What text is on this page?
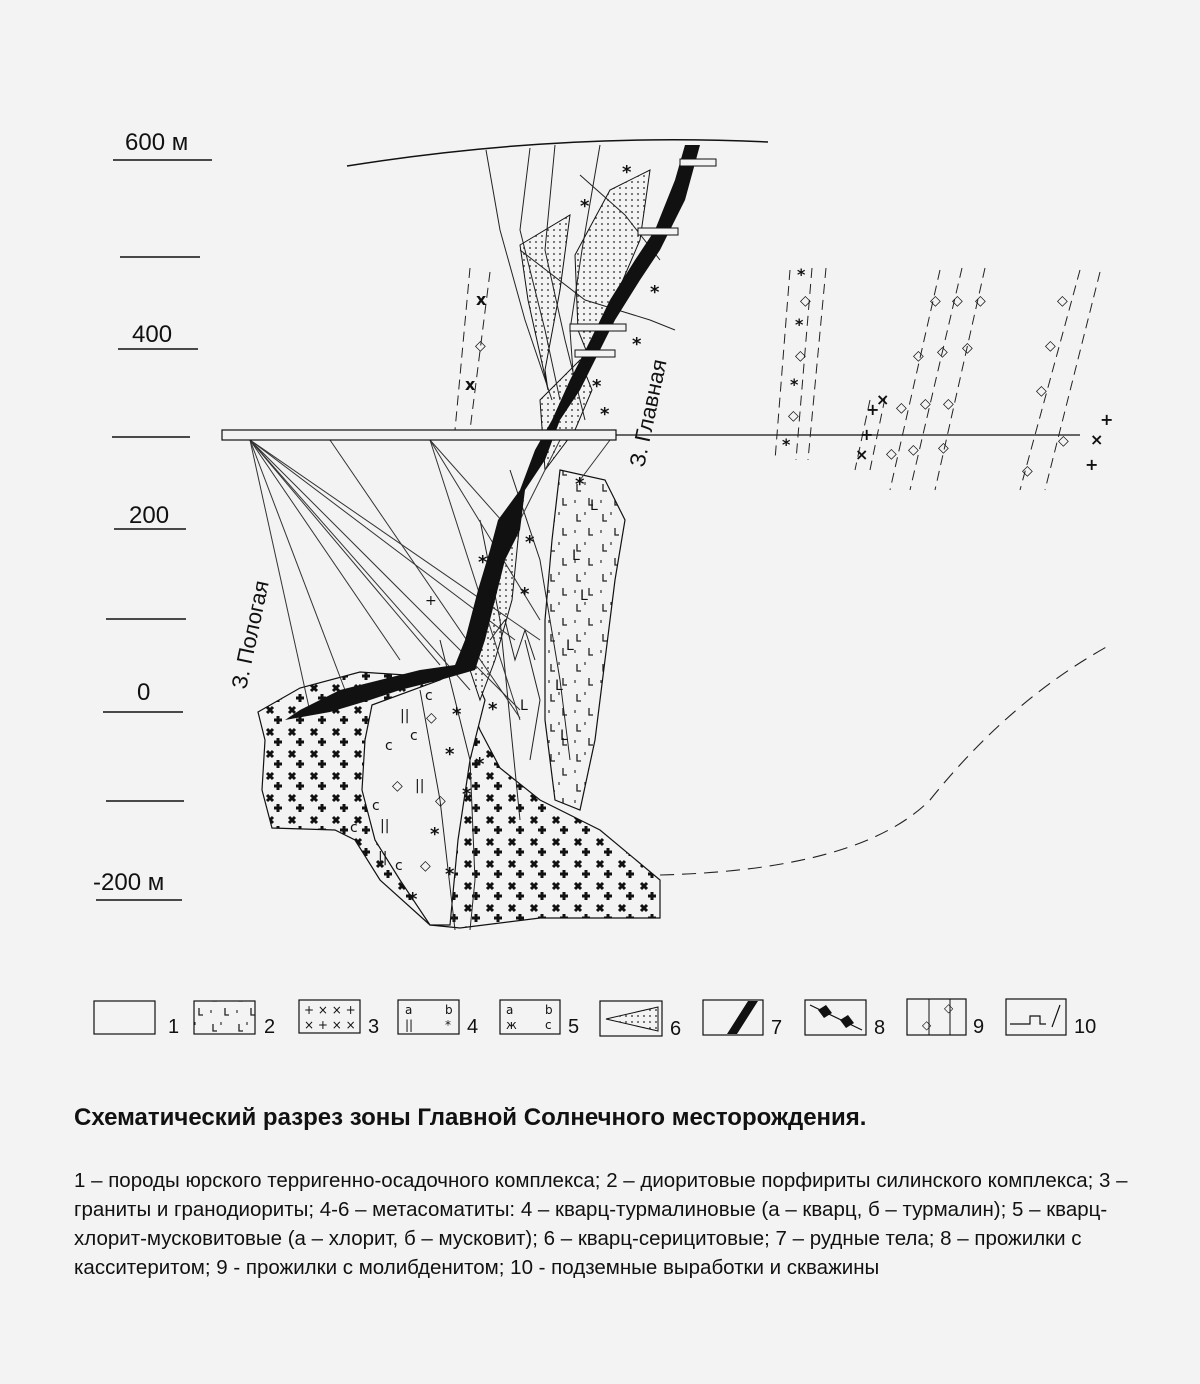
600 м
400
200
0
-200 м
*
*
*
*
*
*
*
*
*
*
* *
*
*
*
*
*
*
*
*
c
c
c
c
c
c
||
||
||
||
◇
◇
◇
◇
L
L
L
L
L
L
L
+
З. Главная
З. Пологая
◇ ◇ ◇
◇ ◇ ◇
◇ ◇ ◇
◇ ◇ ◇
◇
◇
◇
◇
◇
◇
◇
◇
◇
*
*
*
*
x
x
+
×
+
×
×
+
+
1	2
+ × × +
× + × × 3
a	b
||	* 4
a	b
ж c 5	6	7	8	◇
◇
9	10

Схематический разрез зоны Главной Солнечного месторождения.

1 – породы юрского терригенно-осадочного комплекса; 2 – диоритовые порфириты силинского комплекса; 3 – граниты и гранодиориты; 4-6 – метасоматиты: 4 – кварц-турмалиновые (а – кварц, б – турмалин); 5 – кварц-хлорит-мусковитовые (а – хлорит, б – мусковит); 6 – кварц-серицитовые; 7 – рудные тела; 8 – прожилки с касситеритом; 9 - прожилки с молибденитом; 10 - подземные выработки и скважины
